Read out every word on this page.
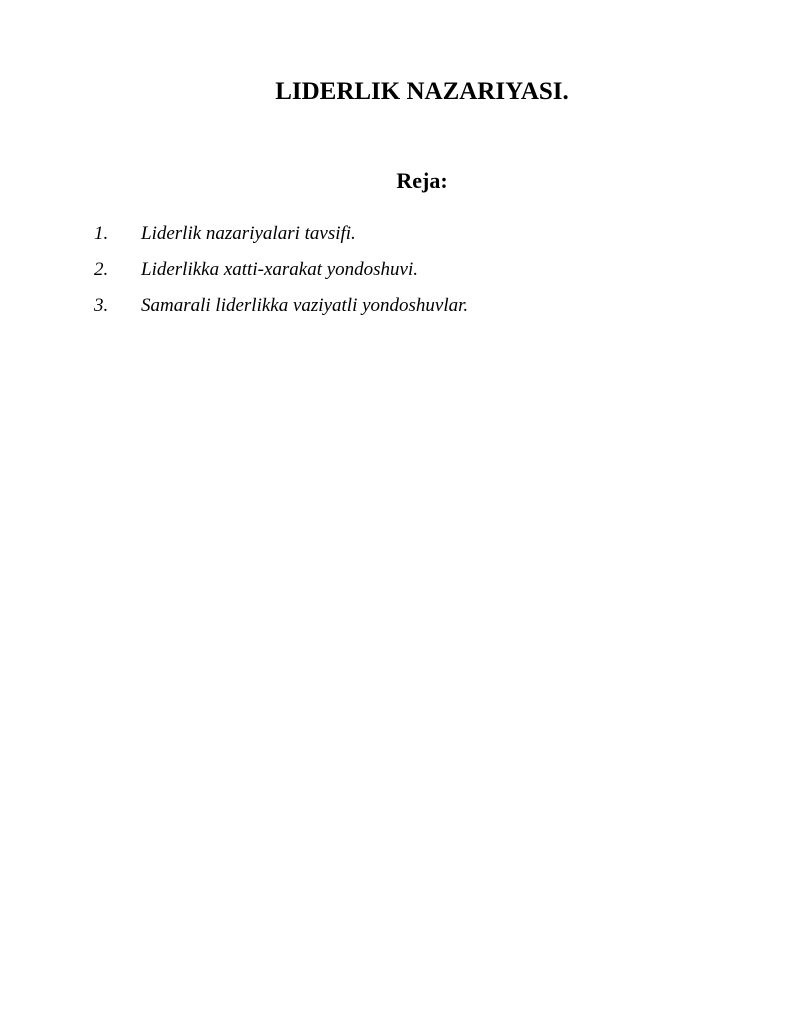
LIDERLIK NAZARIYASI.
Reja:
1. Liderlik nazariyalari tavsifi.
2. Liderlikka xatti-xarakat yondoshuvi.
3. Samarali liderlikka vaziyatli yondoshuvlar.
